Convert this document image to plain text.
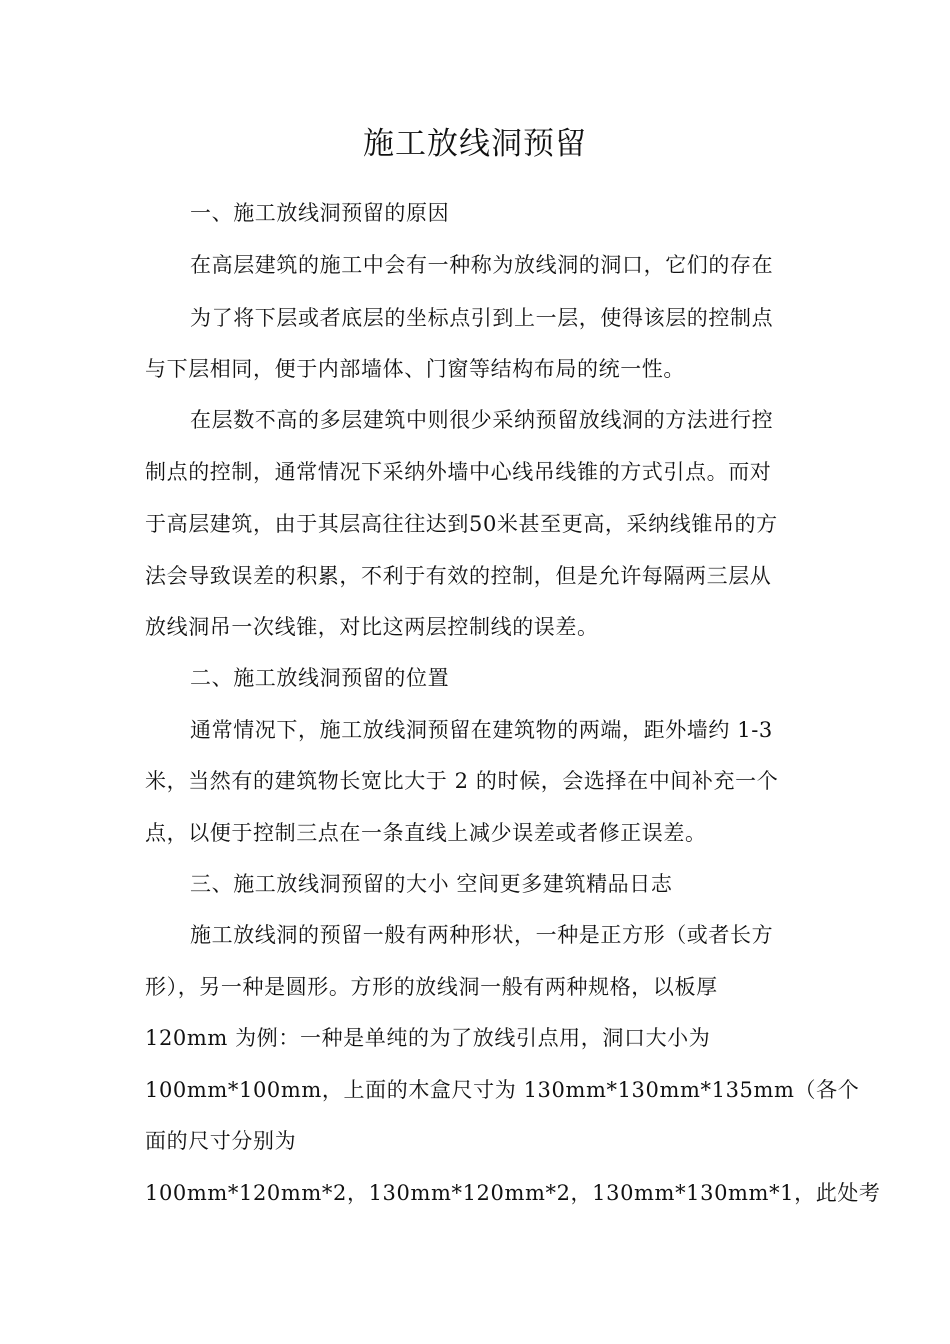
施工放线洞预留
一、施工放线洞预留的原因
在高层建筑的施工中会有一种称为放线洞的洞口，它们的存在
为了将下层或者底层的坐标点引到上一层，使得该层的控制点
与下层相同，便于内部墙体、门窗等结构布局的统一性。
在层数不高的多层建筑中则很少采纳预留放线洞的方法进行控
制点的控制，通常情况下采纳外墙中心线吊线锥的方式引点。而对
于高层建筑，由于其层高往往达到50米甚至更高，采纳线锥吊的方
法会导致误差的积累，不利于有效的控制，但是允许每隔两三层从
放线洞吊一次线锥，对比这两层控制线的误差。
二、施工放线洞预留的位置
通常情况下，施工放线洞预留在建筑物的两端，距外墙约 1-3
米，当然有的建筑物长宽比大于 2 的时候，会选择在中间补充一个
点，以便于控制三点在一条直线上减少误差或者修正误差。
三、施工放线洞预留的大小 空间更多建筑精品日志
施工放线洞的预留一般有两种形状，一种是正方形（或者长方
形），另一种是圆形。方形的放线洞一般有两种规格，以板厚
120mm 为例：一种是单纯的为了放线引点用，洞口大小为
100mm*100mm，上面的木盒尺寸为 130mm*130mm*135mm（各个
面的尺寸分别为
100mm*120mm*2，130mm*120mm*2，130mm*130mm*1，此处考
